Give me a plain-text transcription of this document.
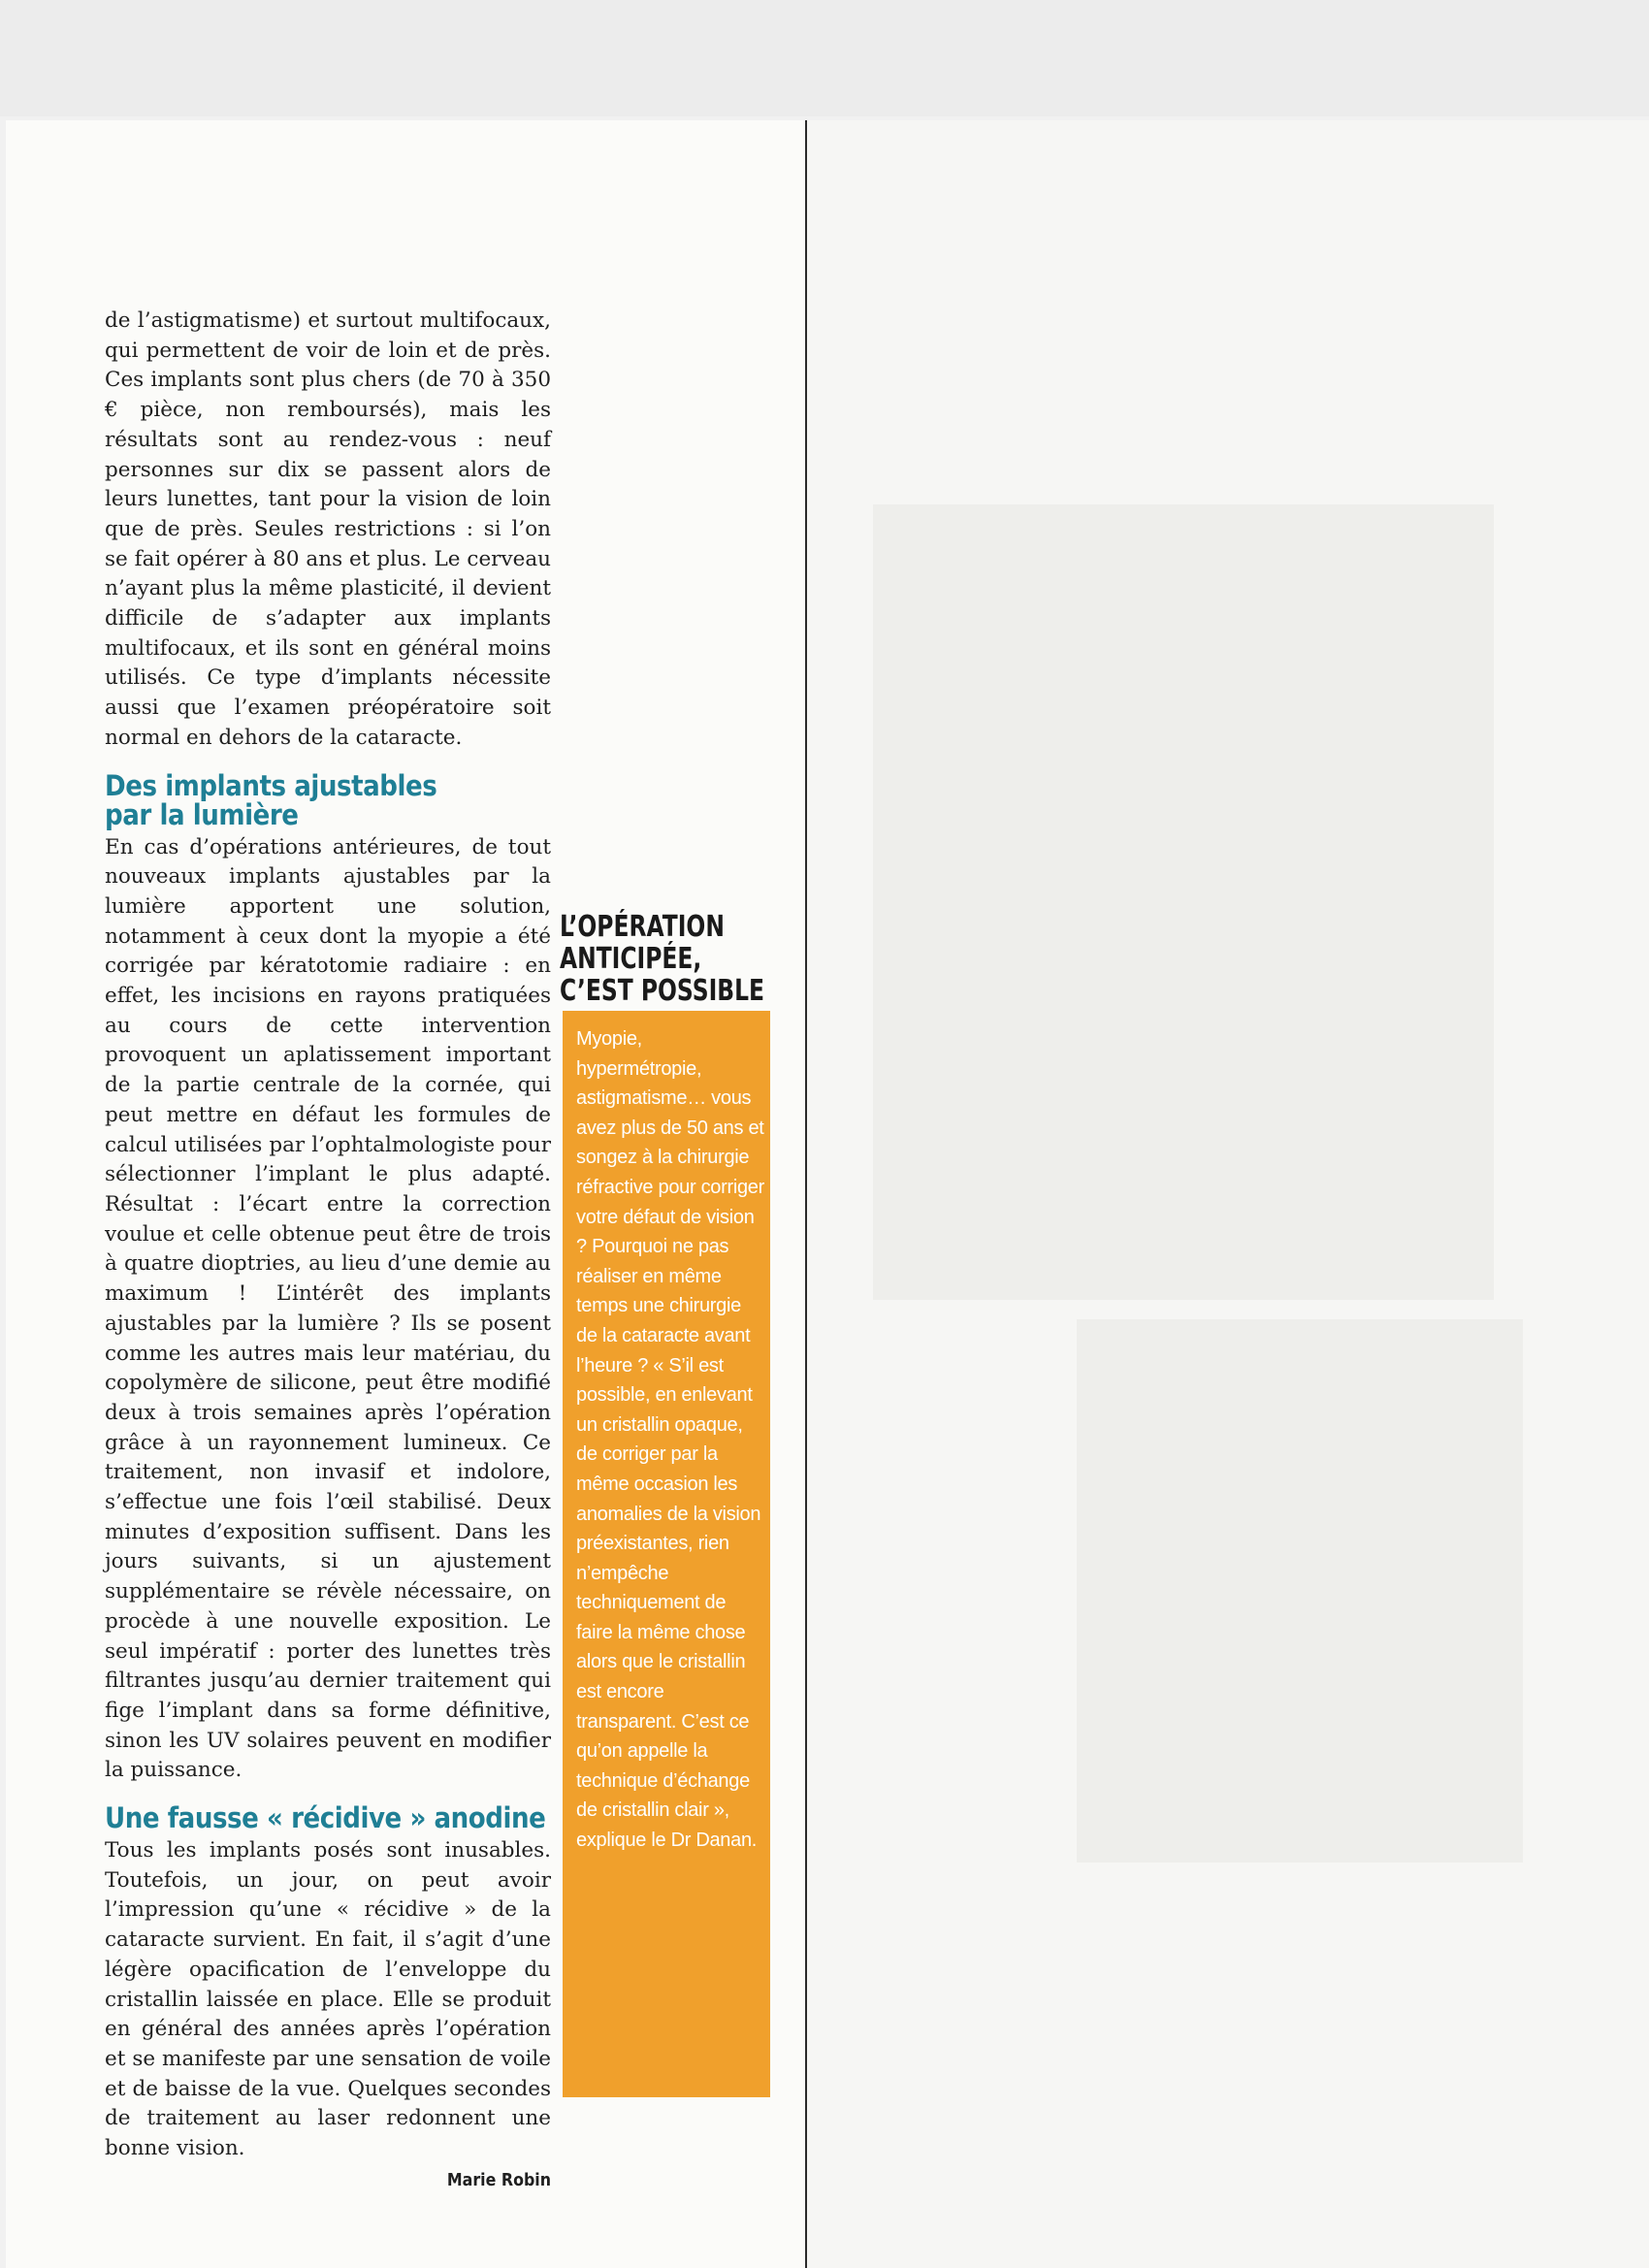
de l’astigmatisme) et surtout multifocaux, qui permettent de voir de loin et de près. Ces implants sont plus chers (de 70 à 350 € pièce, non remboursés), mais les résultats sont au rendez-vous : neuf personnes sur dix se passent alors de leurs lunettes, tant pour la vision de loin que de près. Seules restrictions : si l’on se fait opérer à 80 ans et plus. Le cerveau n’ayant plus la même plasticité, il devient difficile de s’adapter aux implants multifocaux, et ils sont en général moins utilisés. Ce type d’implants nécessite aussi que l’examen préopératoire soit normal en dehors de la cataracte.

Des implants ajustables
par la lumière

En cas d’opérations antérieures, de tout nouveaux implants ajustables par la lumière apportent une solution, notamment à ceux dont la myopie a été corrigée par kératotomie radiaire : en effet, les incisions en rayons pratiquées au cours de cette intervention provoquent un aplatissement important de la partie centrale de la cornée, qui peut mettre en défaut les formules de calcul utilisées par l’ophtalmologiste pour sélectionner l’implant le plus adapté. Résultat : l’écart entre la correction voulue et celle obtenue peut être de trois à quatre dioptries, au lieu d’une demie au maximum ! L’intérêt des implants ajustables par la lumière ? Ils se posent comme les autres mais leur matériau, du copolymère de silicone, peut être modifié deux à trois semaines après l’opération grâce à un rayonnement lumineux. Ce traitement, non invasif et indolore, s’effectue une fois l’œil stabilisé. Deux minutes d’exposition suffisent. Dans les jours suivants, si un ajustement supplémentaire se révèle nécessaire, on procède à une nouvelle exposition. Le seul impératif : porter des lunettes très filtrantes jusqu’au dernier traitement qui fige l’implant dans sa forme définitive, sinon les UV solaires peuvent en modifier la puissance.

Une fausse « récidive » anodine

Tous les implants posés sont inusables. Toutefois, un jour, on peut avoir l’impression qu’une « récidive » de la cataracte survient. En fait, il s’agit d’une légère opacification de l’enveloppe du cristallin laissée en place. Elle se produit en général des années après l’opération et se manifeste par une sensation de voile et de baisse de la vue. Quelques secondes de traitement au laser redonnent une bonne vision.

Marie Robin
L’OPÉRATION
ANTICIPÉE,
C’EST POSSIBLE
Myopie, hypermétropie, astigmatisme… vous avez plus de 50 ans et songez à la chirurgie réfractive pour corriger votre défaut de vision ? Pourquoi ne pas réaliser en même temps une chirurgie de la cataracte avant l’heure ? « S’il est possible, en enlevant un cristallin opaque, de corriger par la même occasion les anomalies de la vision préexistantes, rien n’empêche techniquement de faire la même chose alors que le cristallin est encore transparent. C’est ce qu’on appelle la technique d’échange de cristallin clair », explique le Dr Danan.
